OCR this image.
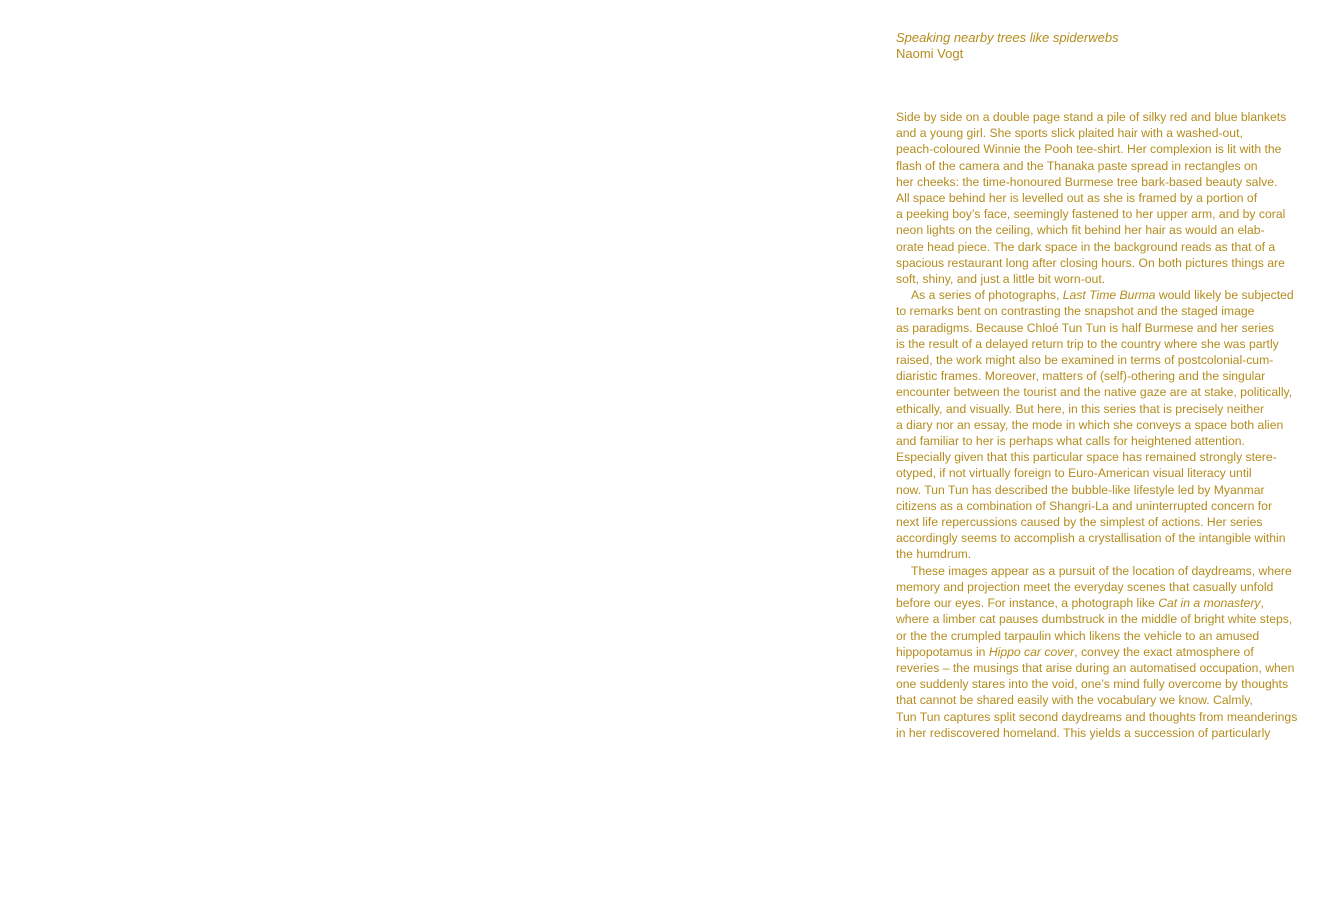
Speaking nearby trees like spiderwebs

Naomi Vogt

Side by side on a double page stand a pile of silky red and blue blankets
and a young girl. She sports slick plaited hair with a washed-out,
peach-coloured Winnie the Pooh tee-shirt. Her complexion is lit with the
flash of the camera and the Thanaka paste spread in rectangles on
her cheeks: the time-honoured Burmese tree bark-based beauty salve.
All space behind her is levelled out as she is framed by a portion of
a peeking boy’s face, seemingly fastened to her upper arm, and by coral
neon lights on the ceiling, which fit behind her hair as would an elab-
orate head piece. The dark space in the background reads as that of a
spacious restaurant long after closing hours. On both pictures things are
soft, shiny, and just a little bit worn-out.
As a series of photographs, Last Time Burma would likely be subjected
to remarks bent on contrasting the snapshot and the staged image
as paradigms. Because Chloé Tun Tun is half Burmese and her series
is the result of a delayed return trip to the country where she was partly
raised, the work might also be examined in terms of postcolonial-cum-
diaristic frames. Moreover, matters of (self)-othering and the singular
encounter between the tourist and the native gaze are at stake, politically,
ethically, and visually. But here, in this series that is precisely neither
a diary nor an essay, the mode in which she conveys a space both alien
and familiar to her is perhaps what calls for heightened attention.
Especially given that this particular space has remained strongly stere-
otyped, if not virtually foreign to Euro-American visual literacy until
now. Tun Tun has described the bubble-like lifestyle led by Myanmar
citizens as a combination of Shangri-La and uninterrupted concern for
next life repercussions caused by the simplest of actions. Her series
accordingly seems to accomplish a crystallisation of the intangible within
the humdrum.
These images appear as a pursuit of the location of daydreams, where
memory and projection meet the everyday scenes that casually unfold
before our eyes. For instance, a photograph like Cat in a monastery,
where a limber cat pauses dumbstruck in the middle of bright white steps,
or the the crumpled tarpaulin which likens the vehicle to an amused
hippopotamus in Hippo car cover, convey the exact atmosphere of
reveries – the musings that arise during an automatised occupation, when
one suddenly stares into the void, one’s mind fully overcome by thoughts
that cannot be shared easily with the vocabulary we know. Calmly,
Tun Tun captures split second daydreams and thoughts from meanderings
in her rediscovered homeland. This yields a succession of particularly
